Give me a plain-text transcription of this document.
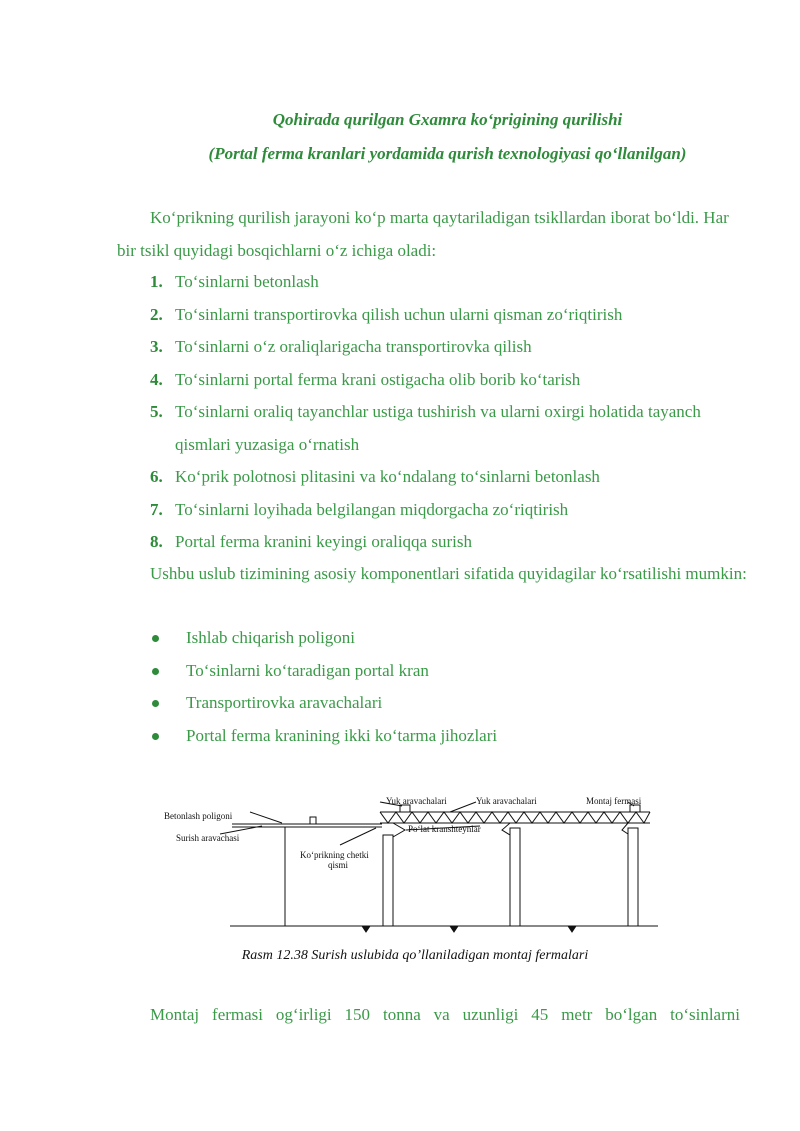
Qohirada qurilgan Gxamra ko‘prigining qurilishi
(Portal ferma kranlari yordamida qurish texnologiyasi qo‘llanilgan)
Ko‘prikning qurilish jarayoni ko‘p marta qaytariladigan tsikllardan iborat bo‘ldi. Har bir tsikl quyidagi bosqichlarni o‘z ichiga oladi:
1. To‘sinlarni betonlash
2. To‘sinlarni transportirovka qilish uchun ularni qisman zo‘riqtirish
3. To‘sinlarni o‘z oraliqlarigacha transportirovka qilish
4. To‘sinlarni portal ferma krani ostigacha olib borib ko‘tarish
5. To‘sinlarni oraliq tayanchlar ustiga tushirish va ularni oxirgi holatida tayanch qismlari yuzasiga o‘rnatish
6. Ko‘prik polotnosi plitasini va ko‘ndalang to‘sinlarni betonlash
7. To‘sinlarni loyihada belgilangan miqdorgacha zo‘riqtirish
8. Portal ferma kranini keyingi oraliqqa surish
Ushbu uslub tizimining asosiy komponentlari sifatida quyidagilar ko‘rsatilishi mumkin:
Ishlab chiqarish poligoni
To‘sinlarni ko‘taradigan portal kran
Transportirovka aravachalari
Portal ferma kranining ikki ko‘tarma jihozlari
Betonlash poligoni
Surish aravachasi
Ko‘prikning chetki
qismi
Yuk aravachalari	Yuk aravachalari	Montaj fermasi
Po‘lat kranshteynlar
Rasm 12.38 Surish uslubida qo’llaniladigan montaj fermalari
Montaj fermasi og‘irligi 150 tonna va uzunligi 45 metr bo‘lgan to‘sinlarni
